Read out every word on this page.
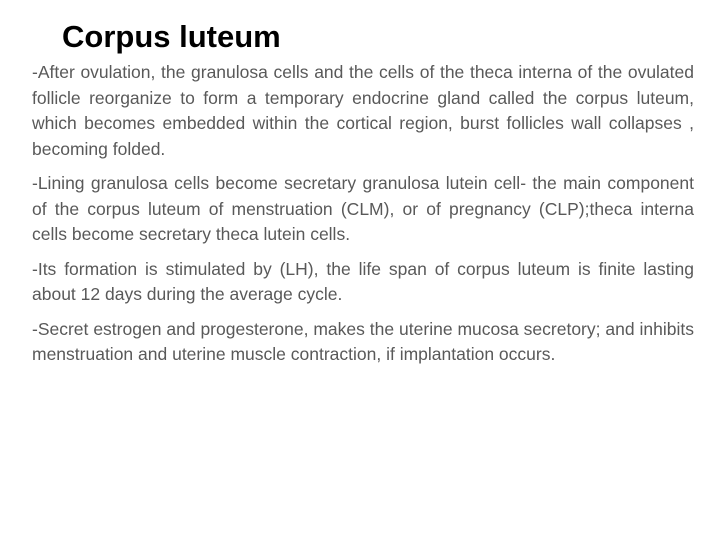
Corpus luteum

-After ovulation, the granulosa cells and the cells of the theca interna of the ovulated follicle reorganize to form a temporary endocrine gland called the corpus luteum, which becomes embedded within the cortical region, burst follicles wall collapses , becoming folded.

-Lining granulosa cells become secretary granulosa lutein cell- the main component of the corpus luteum of menstruation (CLM), or of pregnancy (CLP);theca interna cells become secretary theca lutein cells.

-Its formation is stimulated by (LH), the life span of corpus luteum is finite lasting about 12 days during the average cycle.

-Secret estrogen and progesterone, makes the uterine mucosa secretory; and inhibits menstruation and uterine muscle contraction, if implantation occurs.
